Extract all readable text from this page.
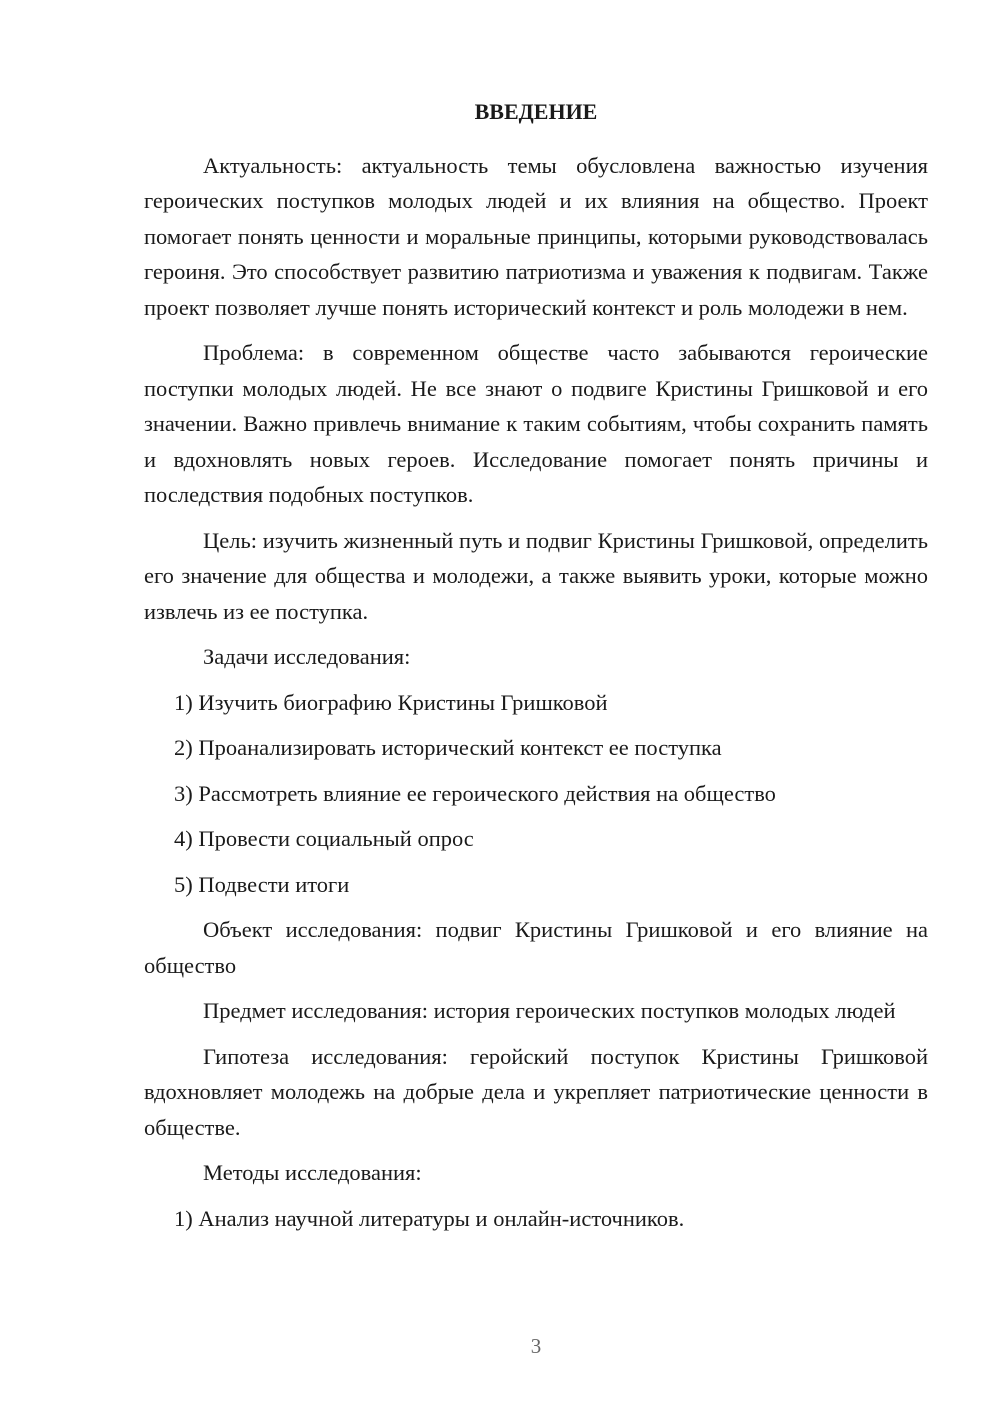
ВВЕДЕНИЕ

Актуальность: актуальность темы обусловлена важностью изучения героических поступков молодых людей и их влияния на общество. Проект помогает понять ценности и моральные принципы, которыми руководствовалась героиня. Это способствует развитию патриотизма и уважения к подвигам. Также проект позволяет лучше понять исторический контекст и роль молодежи в нем.

Проблема: в современном обществе часто забываются героические поступки молодых людей. Не все знают о подвиге Кристины Гришковой и его значении. Важно привлечь внимание к таким событиям, чтобы сохранить память и вдохновлять новых героев. Исследование помогает понять причины и последствия подобных поступков.

Цель: изучить жизненный путь и подвиг Кристины Гришковой, определить его значение для общества и молодежи, а также выявить уроки, которые можно извлечь из ее поступка.

Задачи исследования:

1) Изучить биографию Кристины Гришковой
2) Проанализировать исторический контекст ее поступка
3) Рассмотреть влияние ее героического действия на общество
4) Провести социальный опрос
5) Подвести итоги

Объект исследования: подвиг Кристины Гришковой и его влияние на общество

Предмет исследования: история героических поступков молодых людей

Гипотеза исследования: геройский поступок Кристины Гришковой вдохновляет молодежь на добрые дела и укрепляет патриотические ценности в обществе.

Методы исследования:

1) Анализ научной литературы и онлайн-источников.
3
